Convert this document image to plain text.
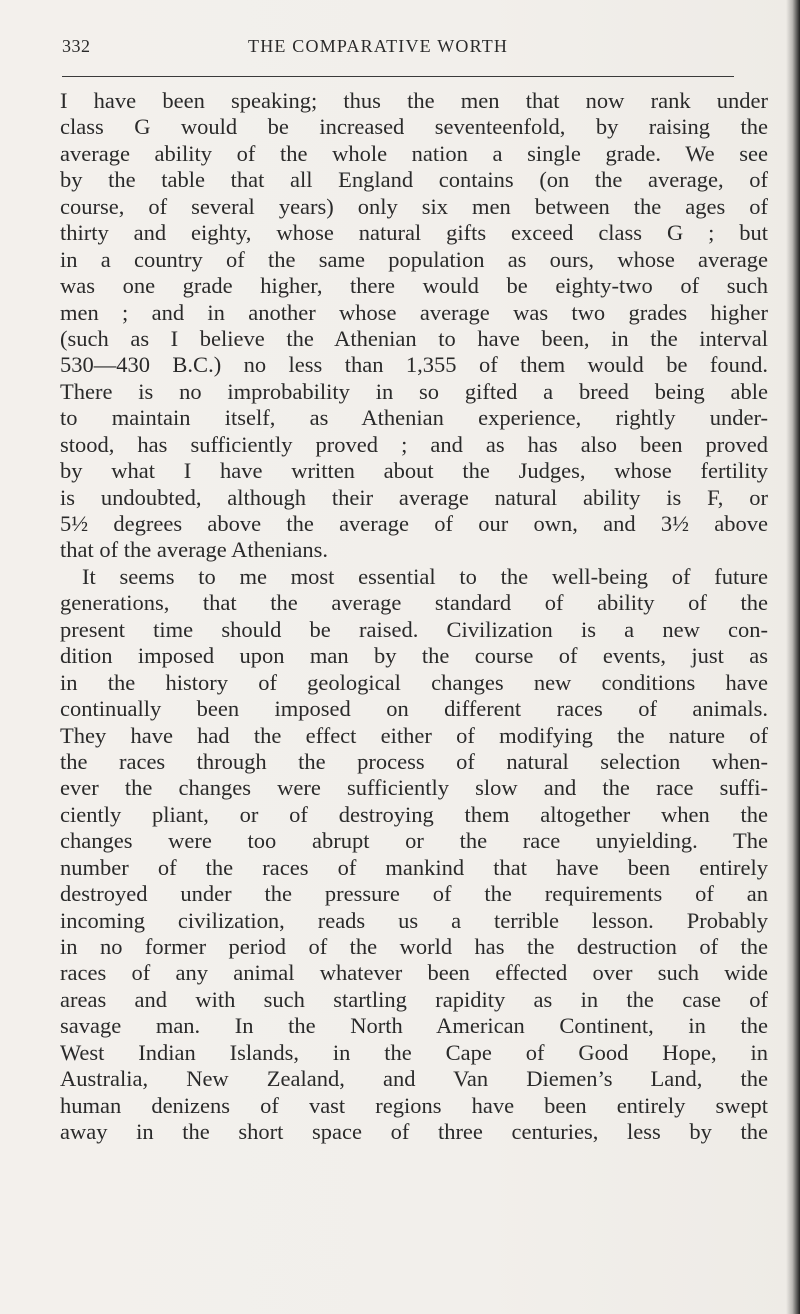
332	THE COMPARATIVE WORTH
I have been speaking; thus the men that now rank under
class G would be increased seventeenfold, by raising the
average ability of the whole nation a single grade. We see
by the table that all England contains (on the average, of
course, of several years) only six men between the ages of
thirty and eighty, whose natural gifts exceed class G ; but
in a country of the same population as ours, whose average
was one grade higher, there would be eighty-two of such
men ; and in another whose average was two grades higher
(such as I believe the Athenian to have been, in the interval
530—430 B.C.) no less than 1,355 of them would be found.
There is no improbability in so gifted a breed being able
to maintain itself, as Athenian experience, rightly under-
stood, has sufficiently proved ; and as has also been proved
by what I have written about the Judges, whose fertility
is undoubted, although their average natural ability is F, or
5½ degrees above the average of our own, and 3½ above
that of the average Athenians.
It seems to me most essential to the well-being of future
generations, that the average standard of ability of the
present time should be raised. Civilization is a new con-
dition imposed upon man by the course of events, just as
in the history of geological changes new conditions have
continually been imposed on different races of animals.
They have had the effect either of modifying the nature of
the races through the process of natural selection when-
ever the changes were sufficiently slow and the race suffi-
ciently pliant, or of destroying them altogether when the
changes were too abrupt or the race unyielding. The
number of the races of mankind that have been entirely
destroyed under the pressure of the requirements of an
incoming civilization, reads us a terrible lesson. Probably
in no former period of the world has the destruction of the
races of any animal whatever been effected over such wide
areas and with such startling rapidity as in the case of
savage man. In the North American Continent, in the
West Indian Islands, in the Cape of Good Hope, in
Australia, New Zealand, and Van Diemen’s Land, the
human denizens of vast regions have been entirely swept
away in the short space of three centuries, less by the
